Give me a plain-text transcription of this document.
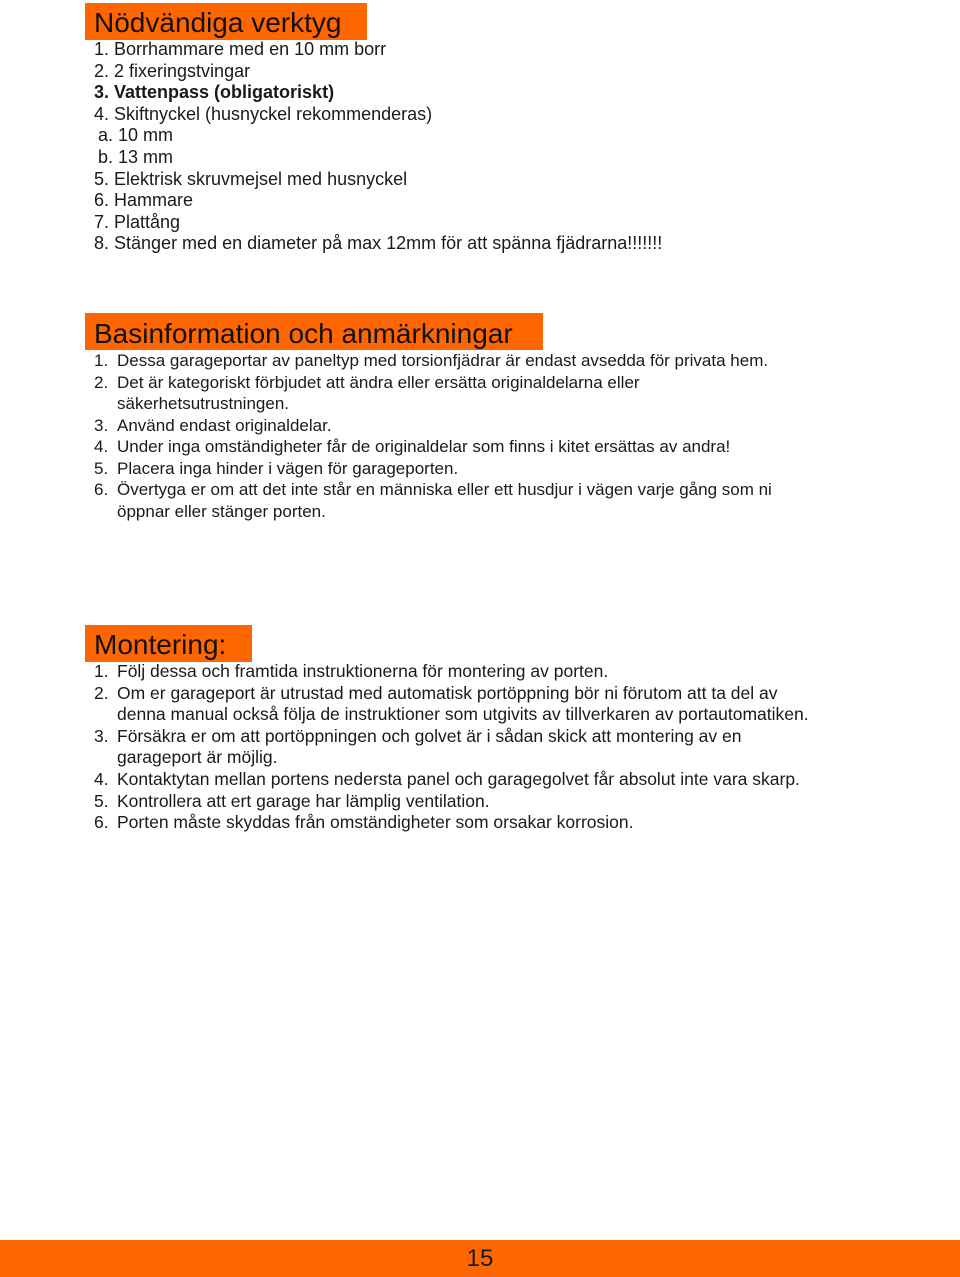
Nödvändiga verktyg
1. Borrhammare med en 10 mm borr
2. 2 fixeringstvingar
3. Vattenpass (obligatoriskt)
4. Skiftnyckel (husnyckel rekommenderas)
a. 10 mm
b. 13 mm
5. Elektrisk skruvmejsel med husnyckel
6. Hammare
7. Plattång
8. Stänger med en diameter på max 12mm för att spänna fjädrarna!!!!!!!
Basinformation och anmärkningar
1. Dessa garageportar av paneltyp med torsionfjädrar är endast avsedda för privata hem.
2. Det är kategoriskt förbjudet att ändra eller ersätta originaldelarna eller
säkerhetsutrustningen.
3. Använd endast originaldelar.
4. Under inga omständigheter får de originaldelar som finns i kitet ersättas av andra!
5. Placera inga hinder i vägen för garageporten.
6. Övertyga er om att det inte står en människa eller ett husdjur i vägen varje gång som ni
öppnar eller stänger porten.
Montering:
1. Följ dessa och framtida instruktionerna för montering av porten.
2. Om er garageport är utrustad med automatisk portöppning bör ni förutom att ta del av
denna manual också följa de instruktioner som utgivits av tillverkaren av portautomatiken.
3. Försäkra er om att portöppningen och golvet är i sådan skick att montering av en
garageport är möjlig.
4. Kontaktytan mellan portens nedersta panel och garagegolvet får absolut inte vara skarp.
5. Kontrollera att ert garage har lämplig ventilation.
6. Porten måste skyddas från omständigheter som orsakar korrosion.
15
